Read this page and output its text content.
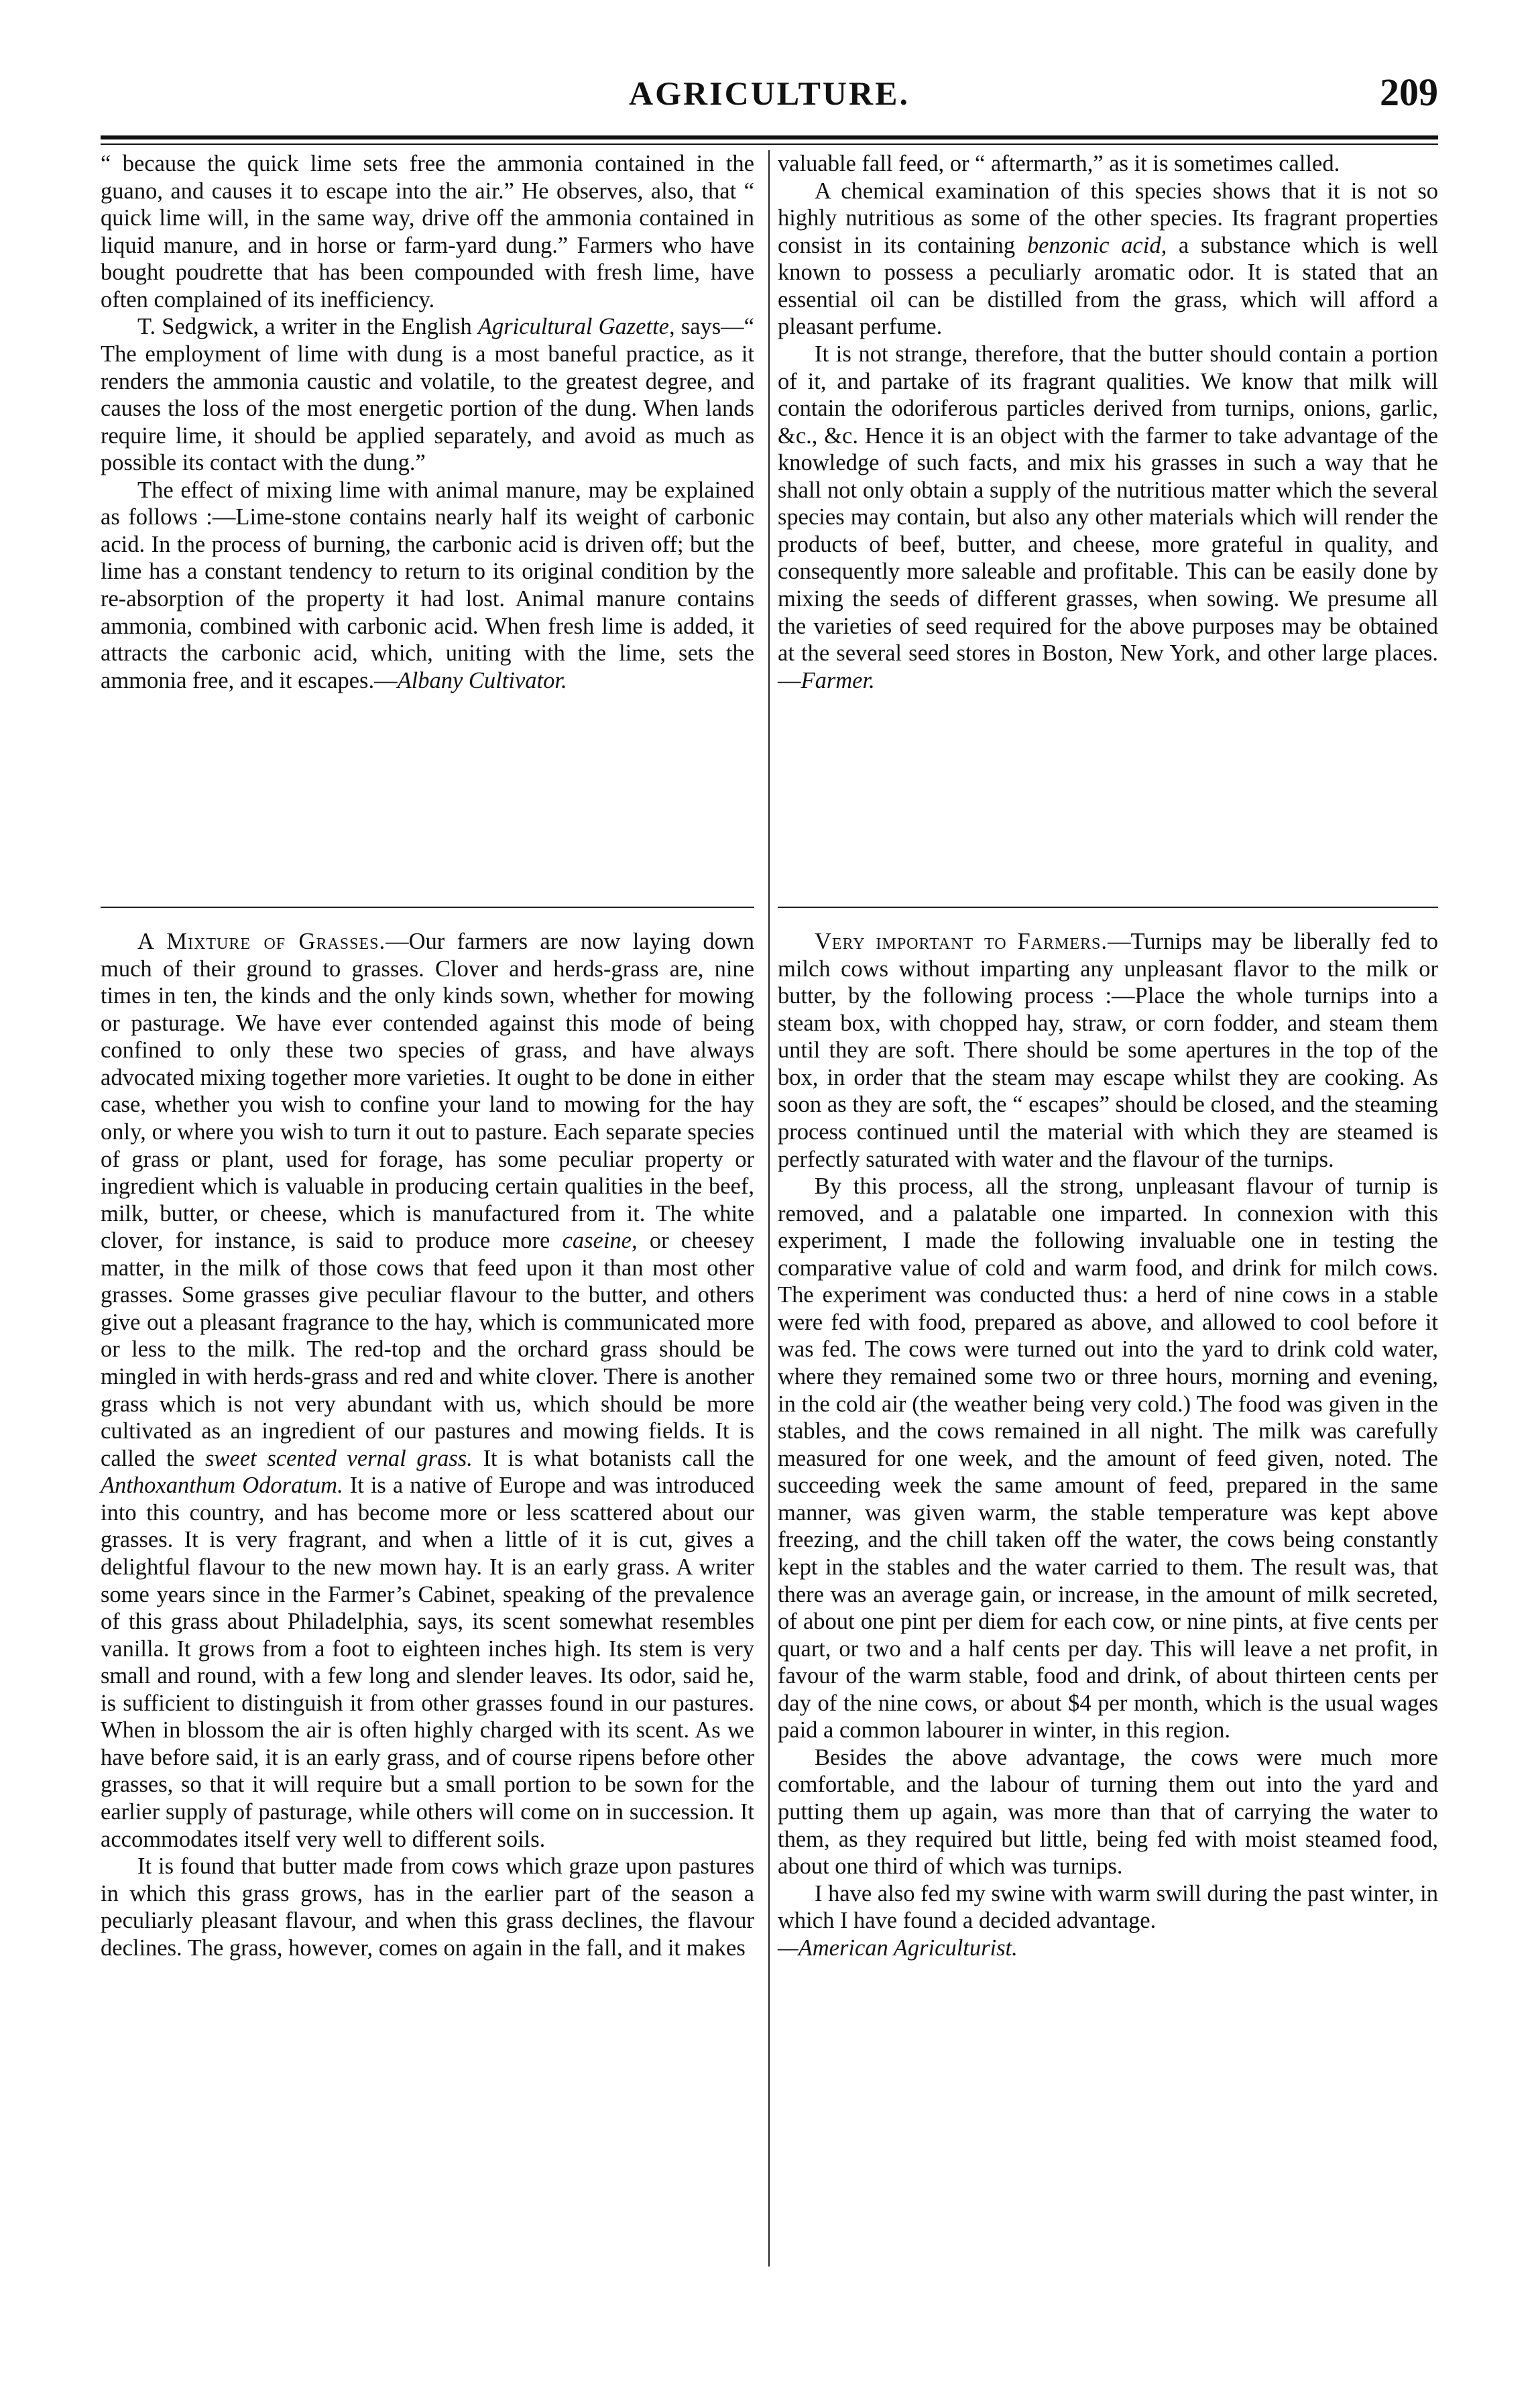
AGRICULTURE.	209

“ because the quick lime sets free the ammonia contained in the guano, and causes it to escape into the air.” He observes, also, that “ quick lime will, in the same way, drive off the ammonia contained in liquid manure, and in horse or farm-yard dung.” Farmers who have bought poudrette that has been compounded with fresh lime, have often complained of its inefficiency.

T. Sedgwick, a writer in the English Agricultural Gazette, says—“ The employment of lime with dung is a most baneful practice, as it renders the ammonia caustic and volatile, to the greatest degree, and causes the loss of the most energetic portion of the dung. When lands require lime, it should be applied separately, and avoid as much as possible its contact with the dung.”

The effect of mixing lime with animal manure, may be explained as follows :—Lime-stone contains nearly half its weight of carbonic acid. In the process of burning, the carbonic acid is driven off; but the lime has a constant tendency to return to its original condition by the re-absorption of the property it had lost. Animal manure contains ammonia, combined with carbonic acid. When fresh lime is added, it attracts the carbonic acid, which, uniting with the lime, sets the ammonia free, and it escapes.—Albany Cultivator.

valuable fall feed, or “ aftermarth,” as it is sometimes called.

A chemical examination of this species shows that it is not so highly nutritious as some of the other species. Its fragrant properties consist in its containing benzonic acid, a substance which is well known to possess a peculiarly aromatic odor. It is stated that an essential oil can be distilled from the grass, which will afford a pleasant perfume.

It is not strange, therefore, that the butter should contain a portion of it, and partake of its fragrant qualities. We know that milk will contain the odoriferous particles derived from turnips, onions, garlic, &c., &c. Hence it is an object with the farmer to take advantage of the knowledge of such facts, and mix his grasses in such a way that he shall not only obtain a supply of the nutritious matter which the several species may contain, but also any other materials which will render the products of beef, butter, and cheese, more grateful in quality, and consequently more saleable and profitable. This can be easily done by mixing the seeds of different grasses, when sowing. We presume all the varieties of seed required for the above purposes may be obtained at the several seed stores in Boston, New York, and other large places.—Farmer.

A Mixture of Grasses.—Our farmers are now laying down much of their ground to grasses. Clover and herds-grass are, nine times in ten, the kinds and the only kinds sown, whether for mowing or pasturage. We have ever contended against this mode of being confined to only these two species of grass, and have always advocated mixing together more varieties. It ought to be done in either case, whether you wish to confine your land to mowing for the hay only, or where you wish to turn it out to pasture. Each separate species of grass or plant, used for forage, has some peculiar property or ingredient which is valuable in producing certain qualities in the beef, milk, butter, or cheese, which is manufactured from it. The white clover, for instance, is said to produce more caseine, or cheesey matter, in the milk of those cows that feed upon it than most other grasses. Some grasses give peculiar flavour to the butter, and others give out a pleasant fragrance to the hay, which is communicated more or less to the milk. The red-top and the orchard grass should be mingled in with herds-grass and red and white clover. There is another grass which is not very abundant with us, which should be more cultivated as an ingredient of our pastures and mowing fields. It is called the sweet scented vernal grass. It is what botanists call the Anthoxanthum Odoratum. It is a native of Europe and was introduced into this country, and has become more or less scattered about our grasses. It is very fragrant, and when a little of it is cut, gives a delightful flavour to the new mown hay. It is an early grass. A writer some years since in the Farmer’s Cabinet, speaking of the prevalence of this grass about Philadelphia, says, its scent somewhat resembles vanilla. It grows from a foot to eighteen inches high. Its stem is very small and round, with a few long and slender leaves. Its odor, said he, is sufficient to distinguish it from other grasses found in our pastures. When in blossom the air is often highly charged with its scent. As we have before said, it is an early grass, and of course ripens before other grasses, so that it will require but a small portion to be sown for the earlier supply of pasturage, while others will come on in succession. It accommodates itself very well to different soils.

It is found that butter made from cows which graze upon pastures in which this grass grows, has in the earlier part of the season a peculiarly pleasant flavour, and when this grass declines, the flavour declines. The grass, however, comes on again in the fall, and it makes

Very important to Farmers.—Turnips may be liberally fed to milch cows without imparting any unpleasant flavor to the milk or butter, by the following process :—Place the whole turnips into a steam box, with chopped hay, straw, or corn fodder, and steam them until they are soft. There should be some apertures in the top of the box, in order that the steam may escape whilst they are cooking. As soon as they are soft, the “ escapes” should be closed, and the steaming process continued until the material with which they are steamed is perfectly saturated with water and the flavour of the turnips.

By this process, all the strong, unpleasant flavour of turnip is removed, and a palatable one imparted. In connexion with this experiment, I made the following invaluable one in testing the comparative value of cold and warm food, and drink for milch cows. The experiment was conducted thus: a herd of nine cows in a stable were fed with food, prepared as above, and allowed to cool before it was fed. The cows were turned out into the yard to drink cold water, where they remained some two or three hours, morning and evening, in the cold air (the weather being very cold.) The food was given in the stables, and the cows remained in all night. The milk was carefully measured for one week, and the amount of feed given, noted. The succeeding week the same amount of feed, prepared in the same manner, was given warm, the stable temperature was kept above freezing, and the chill taken off the water, the cows being constantly kept in the stables and the water carried to them. The result was, that there was an average gain, or increase, in the amount of milk secreted, of about one pint per diem for each cow, or nine pints, at five cents per quart, or two and a half cents per day. This will leave a net profit, in favour of the warm stable, food and drink, of about thirteen cents per day of the nine cows, or about $4 per month, which is the usual wages paid a common labourer in winter, in this region.

Besides the above advantage, the cows were much more comfortable, and the labour of turning them out into the yard and putting them up again, was more than that of carrying the water to them, as they required but little, being fed with moist steamed food, about one third of which was turnips.

I have also fed my swine with warm swill during the past winter, in which I have found a decided advantage.

—American Agriculturist.
